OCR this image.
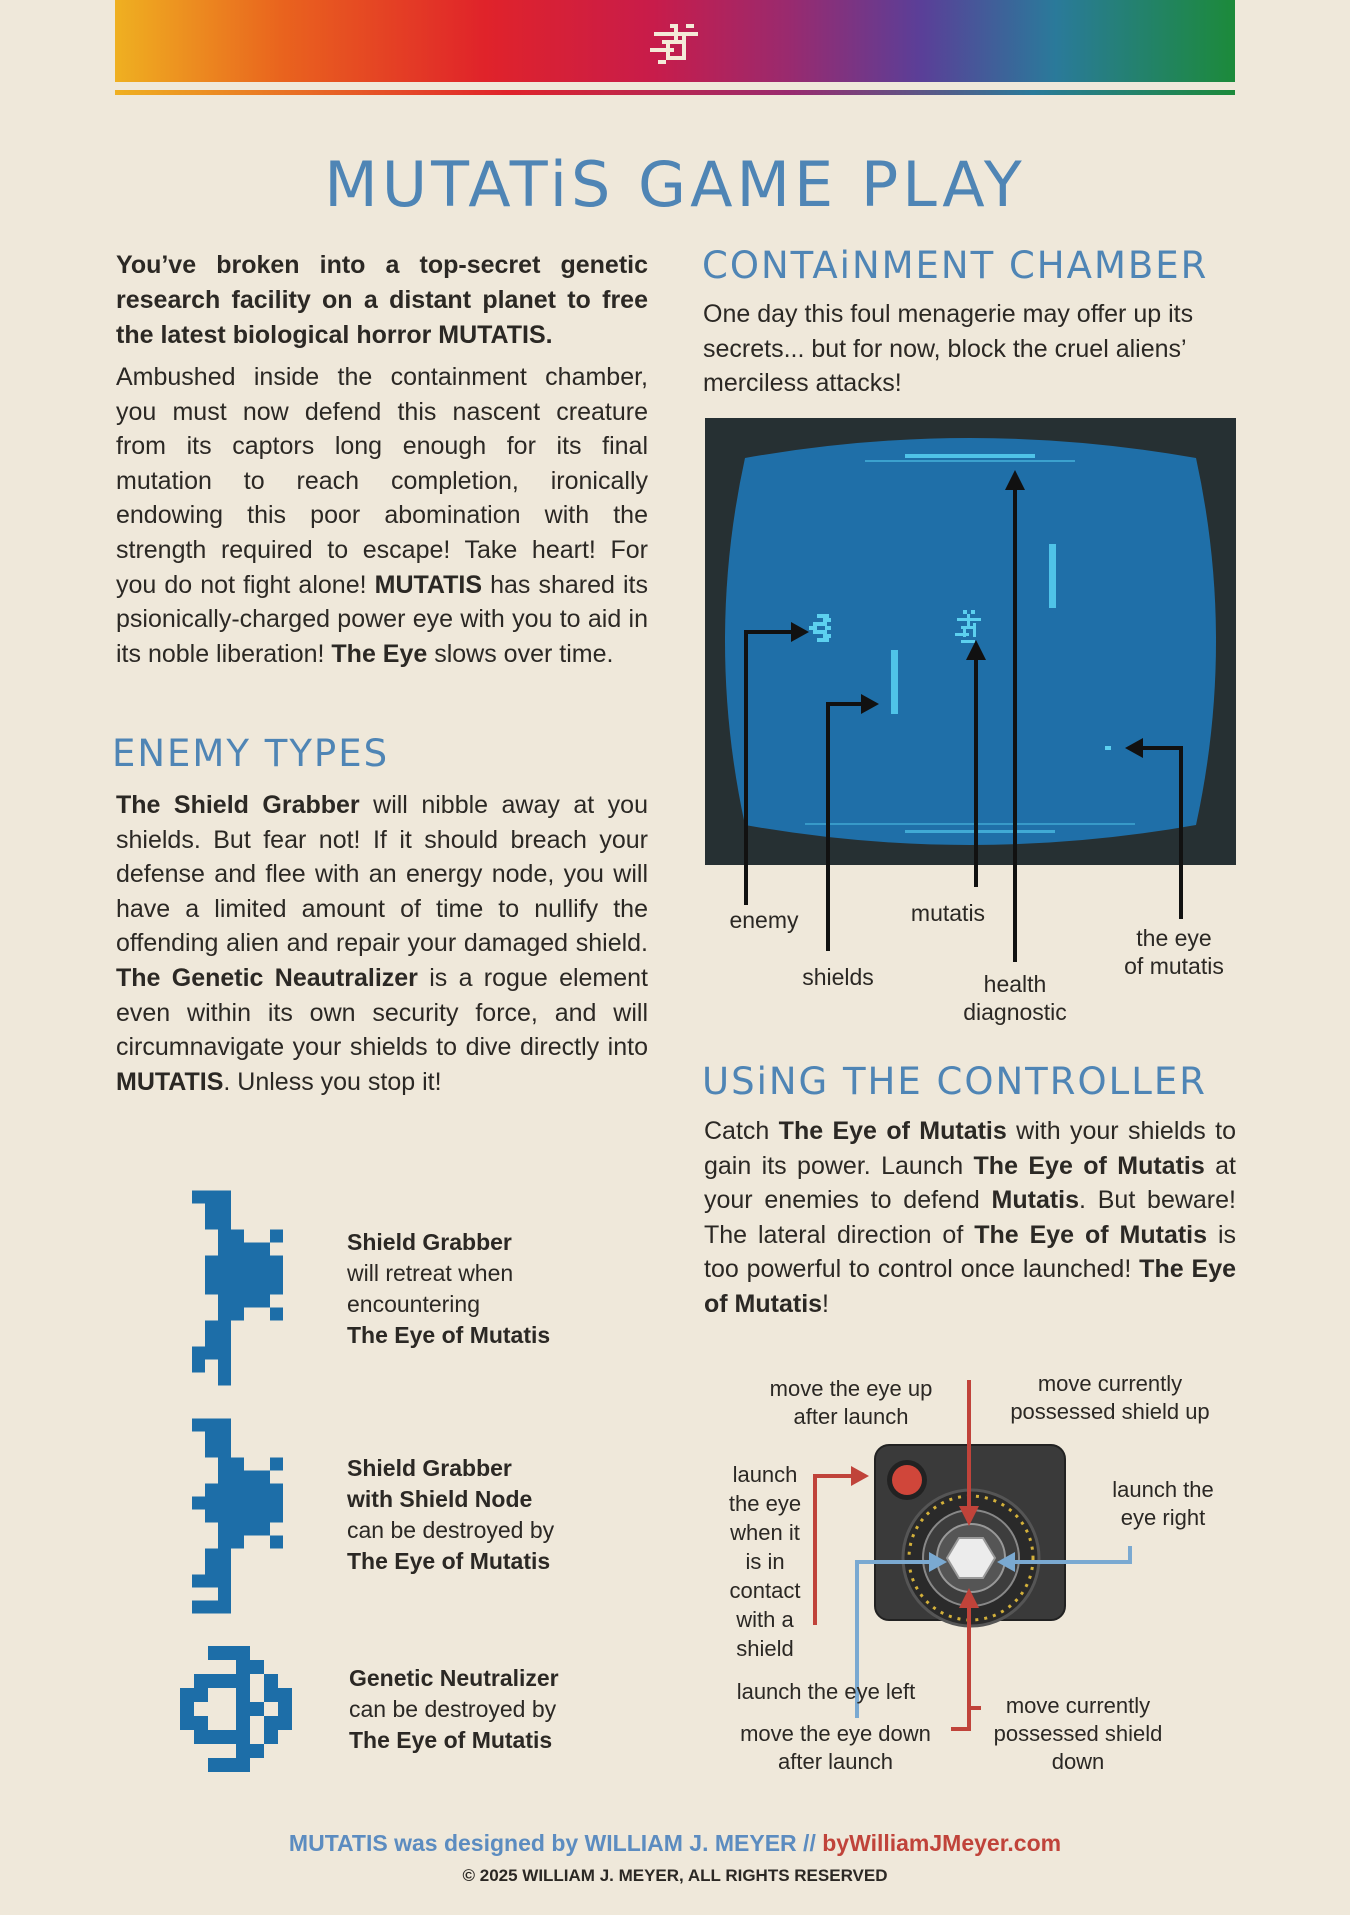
MUTATiS GAME PLAY

You’ve broken into a top-secret genetic research facility on a distant planet to free the latest biological horror MUTATIS.

Ambushed inside the containment chamber, you must now defend this nascent creature from its captors long enough for its final mutation to reach completion, ironically endowing this poor abomination with the strength required to escape! Take heart! For you do not fight alone! MUTATIS has shared its psionically-charged power eye with you to aid in its noble liberation! The Eye slows over time.

ENEMY TYPES

The Shield Grabber will nibble away at you shields. But fear not! If it should breach your defense and flee with an energy node, you will have a limited amount of time to nullify the offending alien and repair your damaged shield. The Genetic Neautralizer is a rogue element even within its own security force, and will circumnavigate your shields to dive directly into MUTATIS. Unless you stop it!

Shield Grabber
will retreat when
encountering
The Eye of Mutatis
Shield Grabber
with Shield Node
can be destroyed by
The Eye of Mutatis
Genetic Neutralizer
can be destroyed by
The Eye of Mutatis
CONTAiNMENT CHAMBER

One day this foul menagerie may offer up its secrets... but for now, block the cruel aliens’ merciless attacks!

enemy
shields
mutatis
health
diagnostic
the eye
of mutatis
USiNG THE CONTROLLER

Catch The Eye of Mutatis with your shields to gain its power. Launch The Eye of Mutatis at your enemies to defend Mutatis. But beware! The lateral direction of The Eye of Mutatis is too powerful to control once launched! The Eye of Mutatis!

move the eye up
after launch
move currently
possessed shield up
launch
the eye
when it
is in
contact
with a
shield
launch the
eye right
launch the eye left
move the eye down
after launch
move currently
possessed shield
down
MUTATIS was designed by WILLIAM J. MEYER // byWilliamJMeyer.com
© 2025 WILLIAM J. MEYER, ALL RIGHTS RESERVED
